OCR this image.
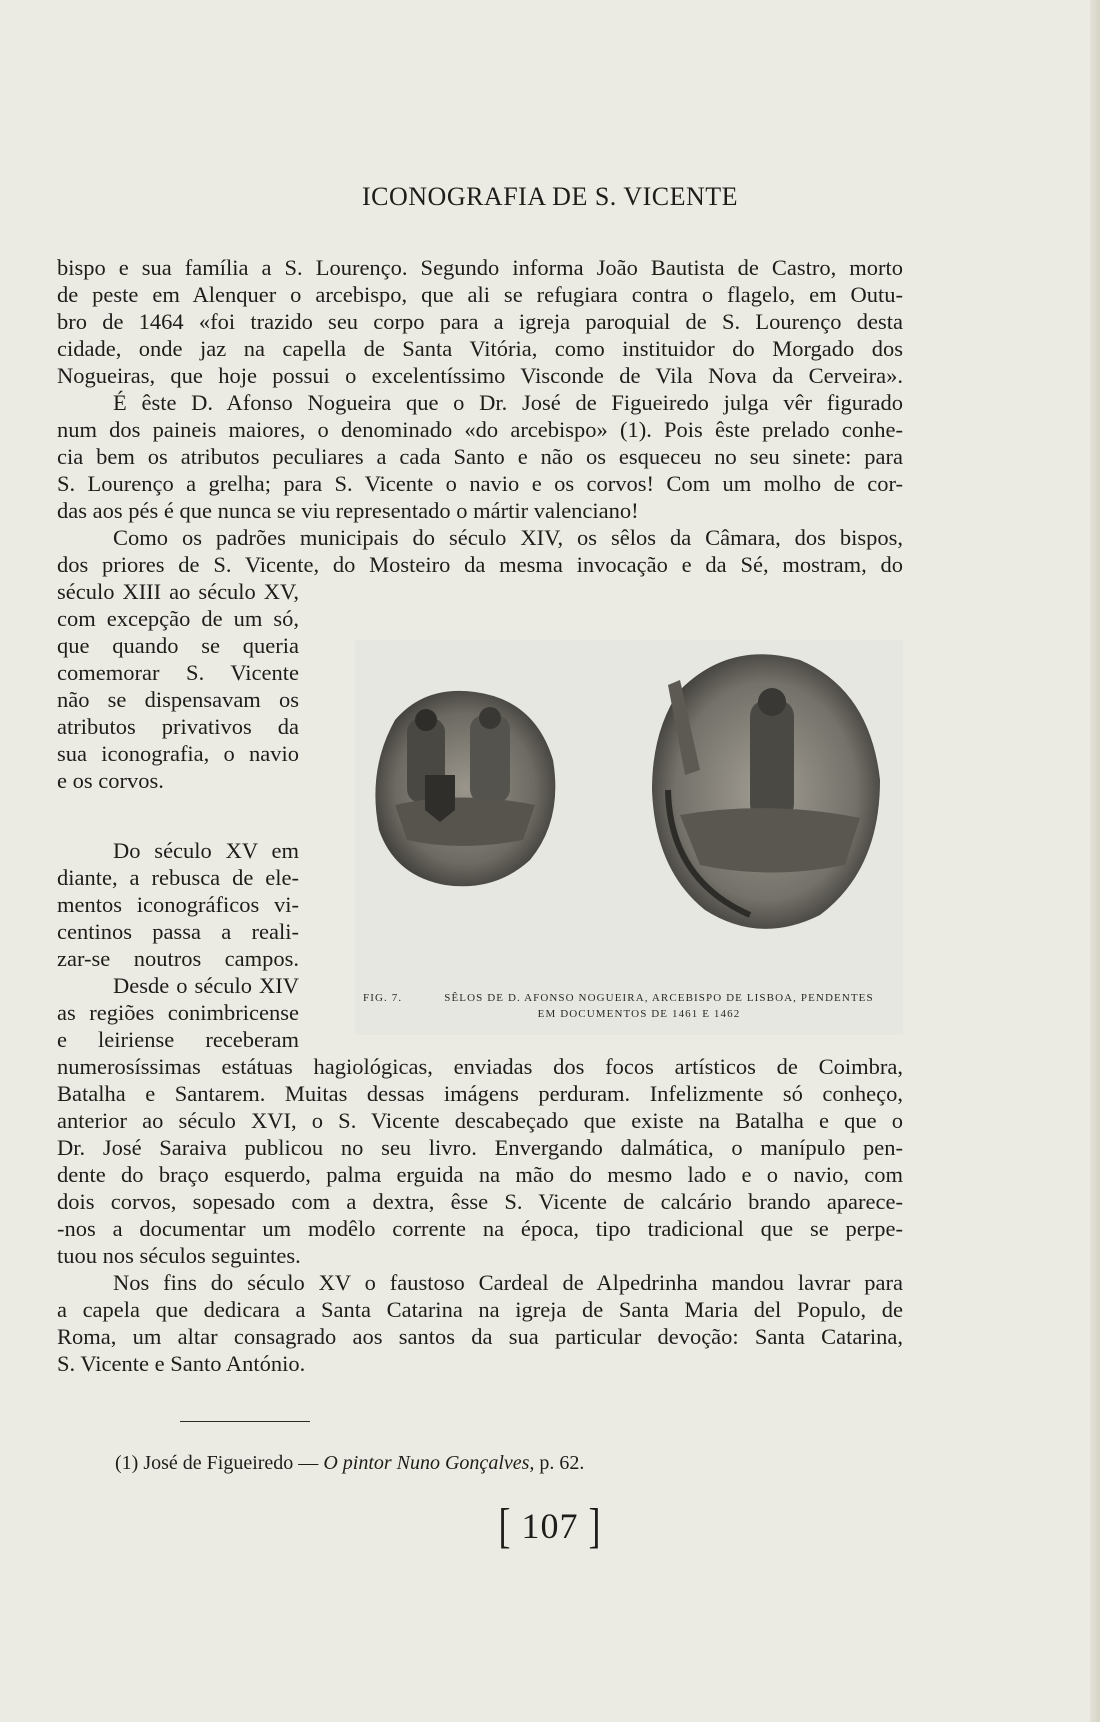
ICONOGRAFIA DE S. VICENTE
bispo e sua família a S. Lourenço. Segundo informa João Bautista de Castro, morto
de peste em Alenquer o arcebispo, que ali se refugiara contra o flagelo, em Outu-
bro de 1464 «foi trazido seu corpo para a igreja paroquial de S. Lourenço desta
cidade, onde jaz na capella de Santa Vitória, como instituidor do Morgado dos
Nogueiras, que hoje possui o excelentíssimo Visconde de Vila Nova da Cerveira».
É êste D. Afonso Nogueira que o Dr. José de Figueiredo julga vêr figurado
num dos paineis maiores, o denominado «do arcebispo» (1). Pois êste prelado conhe-
cia bem os atributos peculiares a cada Santo e não os esqueceu no seu sinete: para
S. Lourenço a grelha; para S. Vicente o navio e os corvos! Com um molho de cor-
das aos pés é que nunca se viu representado o mártir valenciano!
Como os padrões municipais do século XIV, os sêlos da Câmara, dos bispos,
dos priores de S. Vicente, do Mosteiro da mesma invocação e da Sé, mostram, do
século XIII ao século XV,
com excepção de um só,
que quando se queria
comemorar S. Vicente
não se dispensavam os
atributos privativos da
sua iconografia, o navio
e os corvos.
Do século XV em
diante, a rebusca de ele-
mentos iconográficos vi-
centinos passa a reali-
zar-se noutros campos.
Desde o século XIV
as regiões conimbricense
e leiriense receberam
numerosíssimas estátuas hagiológicas, enviadas dos focos artísticos de Coimbra,
Batalha e Santarem. Muitas dessas imágens perduram. Infelizmente só conheço,
anterior ao século XVI, o S. Vicente descabeçado que existe na Batalha e que o
Dr. José Saraiva publicou no seu livro. Envergando dalmática, o manípulo pen-
dente do braço esquerdo, palma erguida na mão do mesmo lado e o navio, com
dois corvos, sopesado com a dextra, êsse S. Vicente de calcário brando aparece-
-nos a documentar um modêlo corrente na época, tipo tradicional que se perpe-
tuou nos séculos seguintes.
Nos fins do século XV o faustoso Cardeal de Alpedrinha mandou lavrar para
a capela que dedicara a Santa Catarina na igreja de Santa Maria del Populo, de
Roma, um altar consagrado aos santos da sua particular devoção: Santa Catarina,
S. Vicente e Santo António.
FIG. 7.	SÊLOS DE D. AFONSO NOGUEIRA, ARCEBISPO DE LISBOA, PENDENTES
EM DOCUMENTOS DE 1461 E 1462
(1) José de Figueiredo — O pintor Nuno Gonçalves, p. 62.
[ 107 ]
